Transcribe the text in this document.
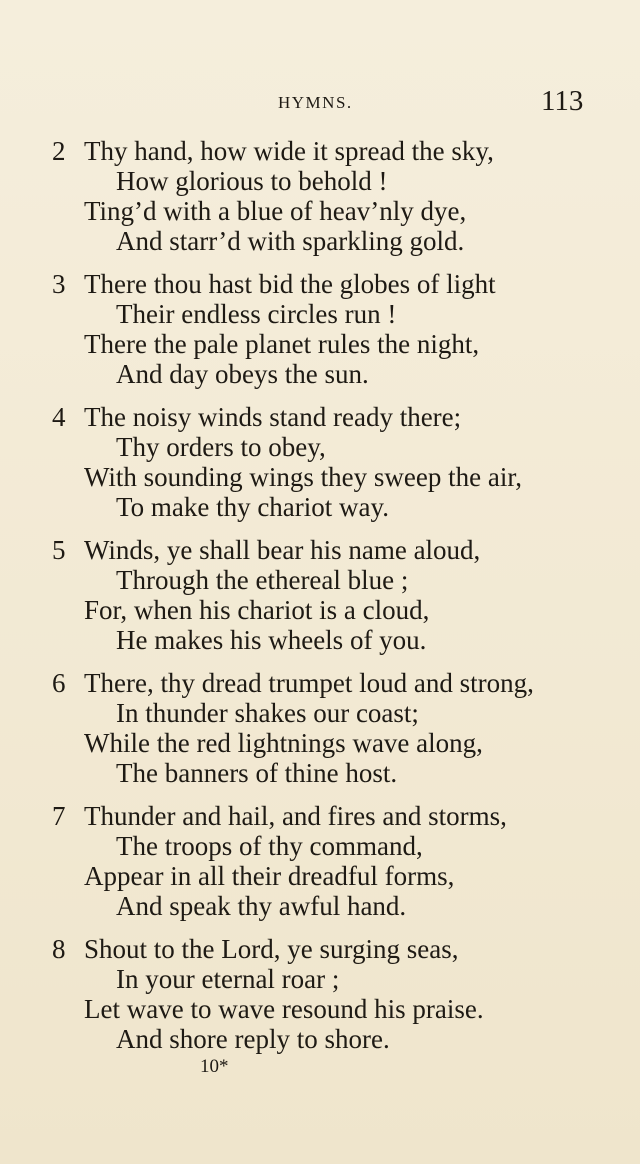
HYMNS.	113
2 Thy hand, how wide it spread the sky,
How glorious to behold !
Ting’d with a blue of heav’nly dye,
And starr’d with sparkling gold.
3 There thou hast bid the globes of light
Their endless circles run !
There the pale planet rules the night,
And day obeys the sun.
4 The noisy winds stand ready there;
Thy orders to obey,
With sounding wings they sweep the air,
To make thy chariot way.
5 Winds, ye shall bear his name aloud,
Through the ethereal blue ;
For, when his chariot is a cloud,
He makes his wheels of you.
6 There, thy dread trumpet loud and strong,
In thunder shakes our coast;
While the red lightnings wave along,
The banners of thine host.
7 Thunder and hail, and fires and storms,
The troops of thy command,
Appear in all their dreadful forms,
And speak thy awful hand.
8 Shout to the Lord, ye surging seas,
In your eternal roar ;
Let wave to wave resound his praise.
And shore reply to shore.
10*
